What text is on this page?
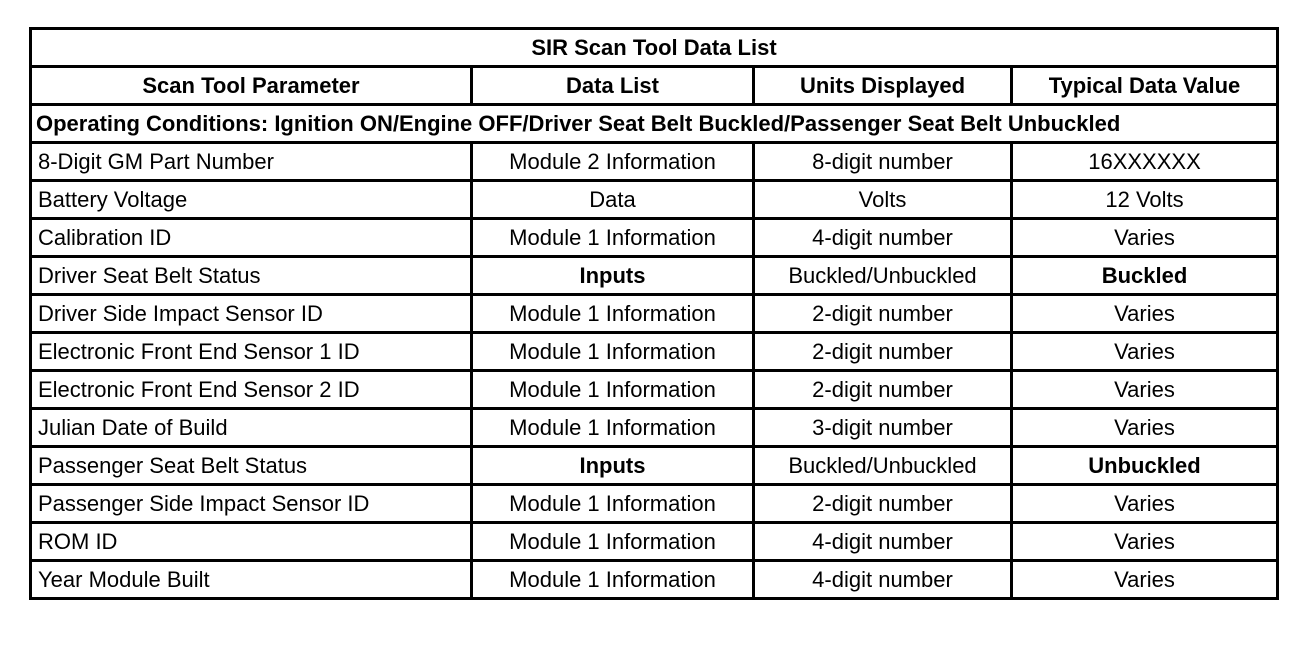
SIR Scan Tool Data List			
Scan Tool Parameter	Data List	Units Displayed	Typical Data Value
Operating Conditions: Ignition ON/Engine OFF/Driver Seat Belt Buckled/Passenger Seat Belt Unbuckled			
8-Digit GM Part Number	Module 2 Information	8-digit number	16XXXXXX
Battery Voltage	Data	Volts	12 Volts
Calibration ID	Module 1 Information	4-digit number	Varies
Driver Seat Belt Status	Inputs	Buckled/Unbuckled	Buckled
Driver Side Impact Sensor ID	Module 1 Information	2-digit number	Varies
Electronic Front End Sensor 1 ID	Module 1 Information	2-digit number	Varies
Electronic Front End Sensor 2 ID	Module 1 Information	2-digit number	Varies
Julian Date of Build	Module 1 Information	3-digit number	Varies
Passenger Seat Belt Status	Inputs	Buckled/Unbuckled	Unbuckled
Passenger Side Impact Sensor ID	Module 1 Information	2-digit number	Varies
ROM ID	Module 1 Information	4-digit number	Varies
Year Module Built	Module 1 Information	4-digit number	Varies
